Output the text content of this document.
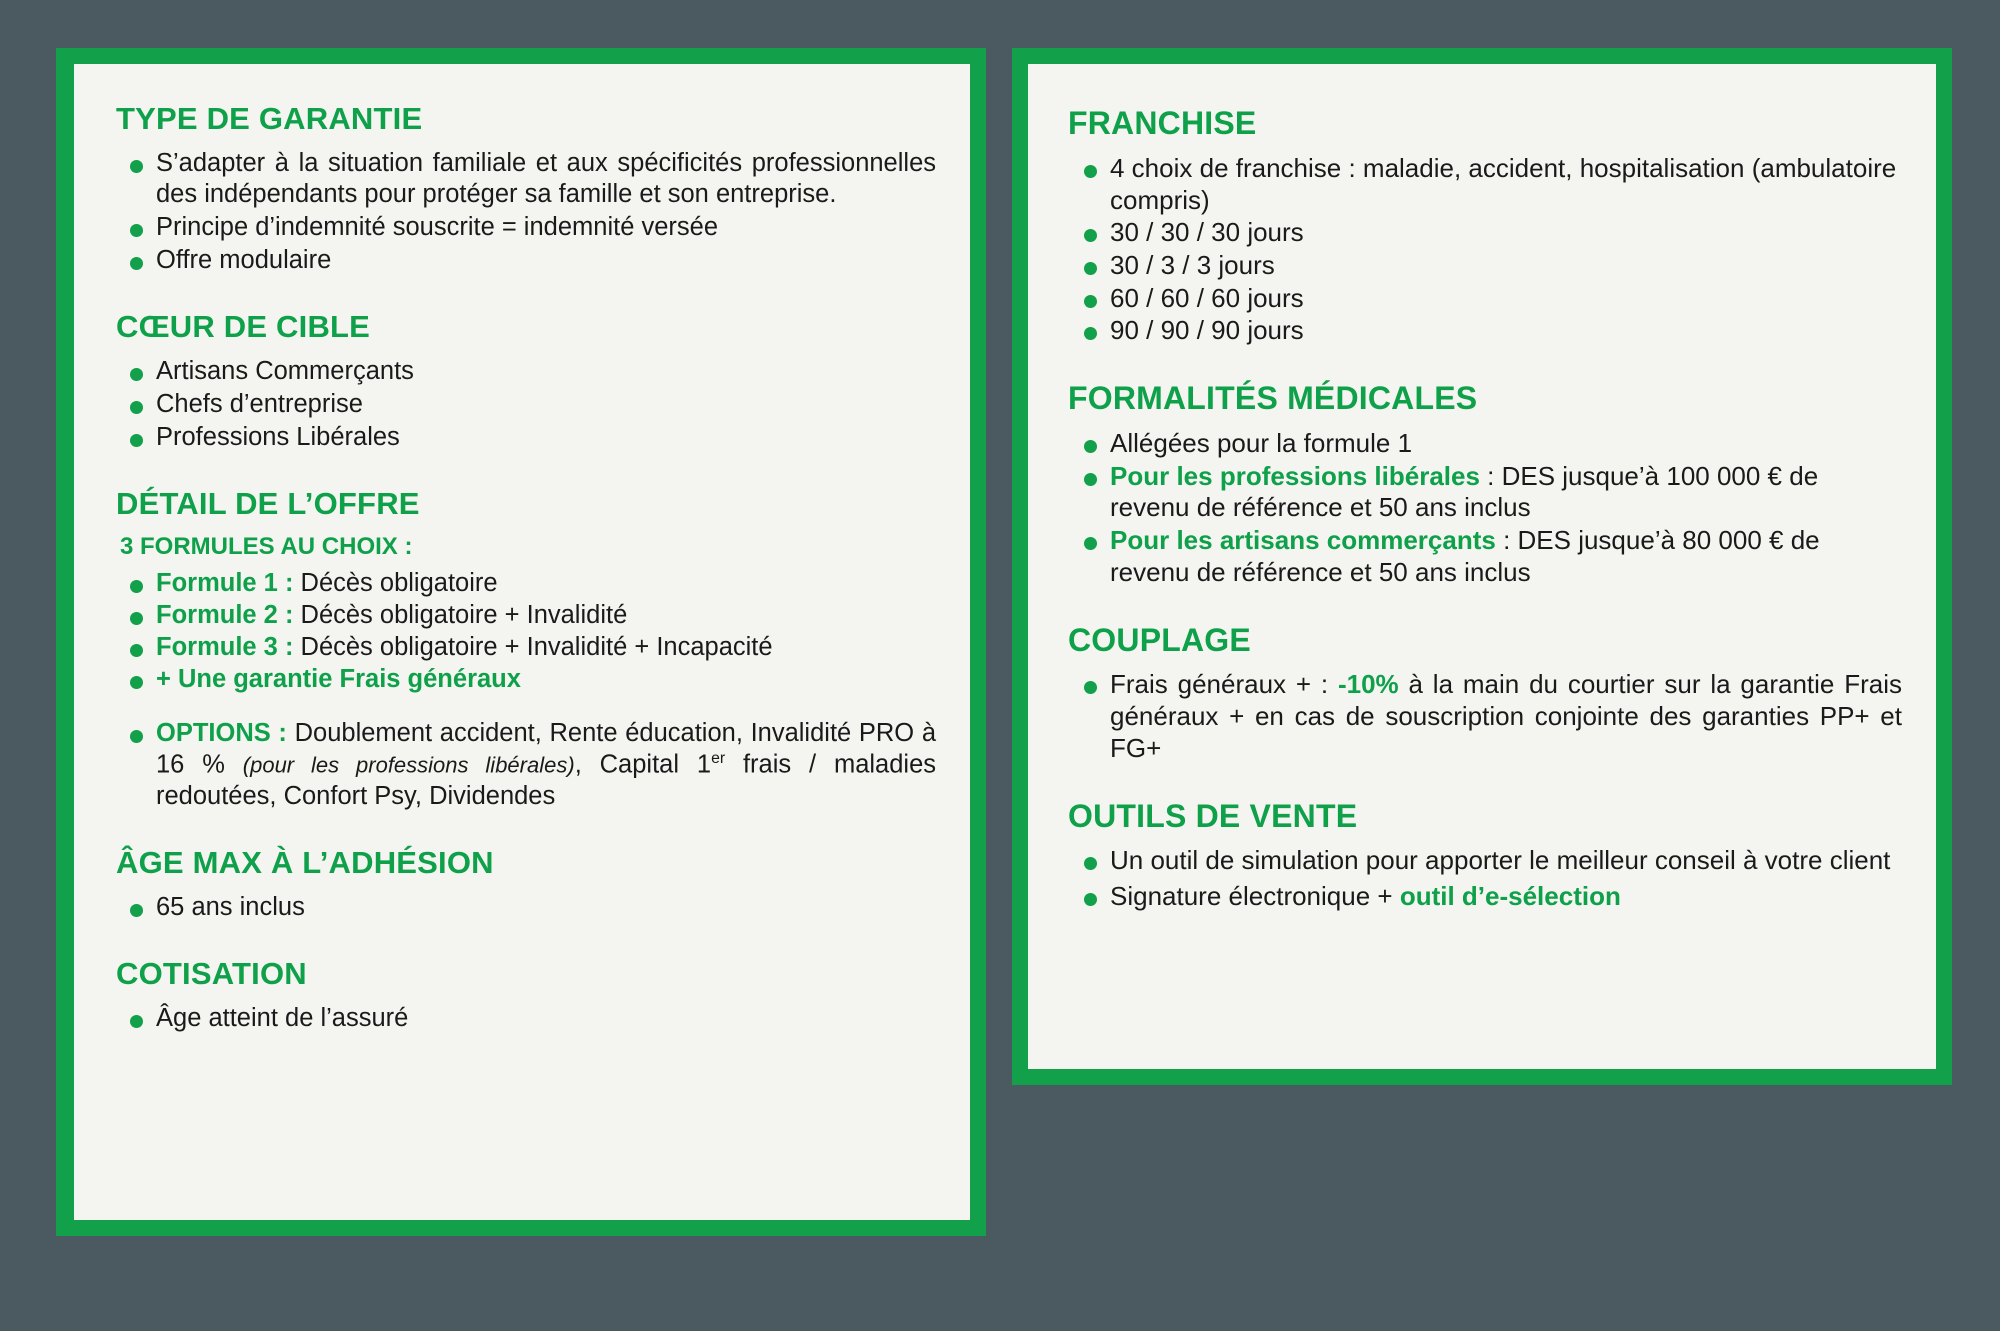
TYPE DE GARANTIE
S’adapter à la situation familiale et aux spécificités professionnelles des indépendants pour protéger sa famille et son entreprise.
Principe d’indemnité souscrite = indemnité versée
Offre modulaire
CŒUR DE CIBLE
Artisans Commerçants
Chefs d’entreprise
Professions Libérales
DÉTAIL DE L’OFFRE

3 FORMULES AU CHOIX :

Formule 1 : Décès obligatoire
Formule 2 : Décès obligatoire + Invalidité
Formule 3 : Décès obligatoire + Invalidité + Incapacité
+ Une garantie Frais généraux
OPTIONS : Doublement accident, Rente éducation, Invalidité PRO à 16 % (pour les professions libérales), Capital 1er frais / maladies redoutées, Confort Psy, Dividendes
ÂGE MAX À L’ADHÉSION
65 ans inclus
COTISATION
Âge atteint de l’assuré
FRANCHISE
4 choix de franchise : maladie, accident, hospitalisation (ambulatoire compris)
30 / 30 / 30 jours
30 / 3 / 3 jours
60 / 60 / 60 jours
90 / 90 / 90 jours
FORMALITÉS MÉDICALES
Allégées pour la formule 1
Pour les professions libérales : DES jusque’à 100 000 € de revenu de référence et 50 ans inclus
Pour les artisans commerçants : DES jusque’à 80 000 € de revenu de référence et 50 ans inclus
COUPLAGE
Frais généraux + : -10% à la main du courtier sur la garantie Frais généraux + en cas de souscription conjointe des garanties PP+ et FG+
OUTILS DE VENTE
Un outil de simulation pour apporter le meilleur conseil à votre client
Signature électronique + outil d’e-sélection
